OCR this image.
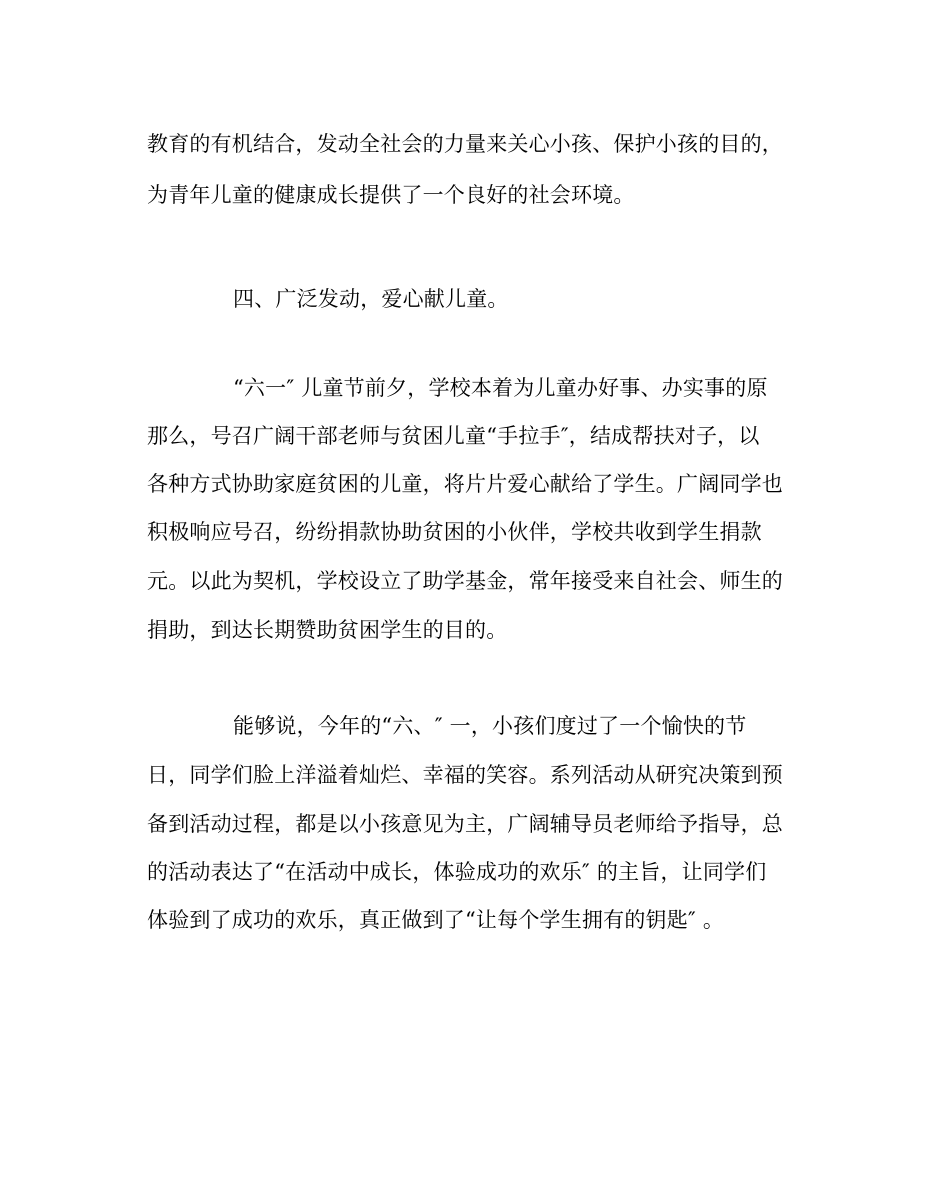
教育的有机结合，发动全社会的力量来关心小孩、保护小孩的目的，
为青年儿童的健康成长提供了一个良好的社会环境。
四、广泛发动，爱心献儿童。
“六一″ 儿童节前夕，学校本着为儿童办好事、办实事的原
那么，号召广阔干部老师与贫困儿童“手拉手″，结成帮扶对子，以
各种方式协助家庭贫困的儿童，将片片爱心献给了学生。广阔同学也
积极响应号召，纷纷捐款协助贫困的小伙伴，学校共收到学生捐款
元。以此为契机，学校设立了助学基金，常年接受来自社会、师生的
捐助，到达长期赞助贫困学生的目的。
能够说，今年的“六、″ 一，小孩们度过了一个愉快的节
日，同学们脸上洋溢着灿烂、幸福的笑容。系列活动从研究决策到预
备到活动过程，都是以小孩意见为主，广阔辅导员老师给予指导，总
的活动表达了“在活动中成长，体验成功的欢乐″ 的主旨，让同学们
体验到了成功的欢乐，真正做到了“让每个学生拥有的钥匙″ 。
